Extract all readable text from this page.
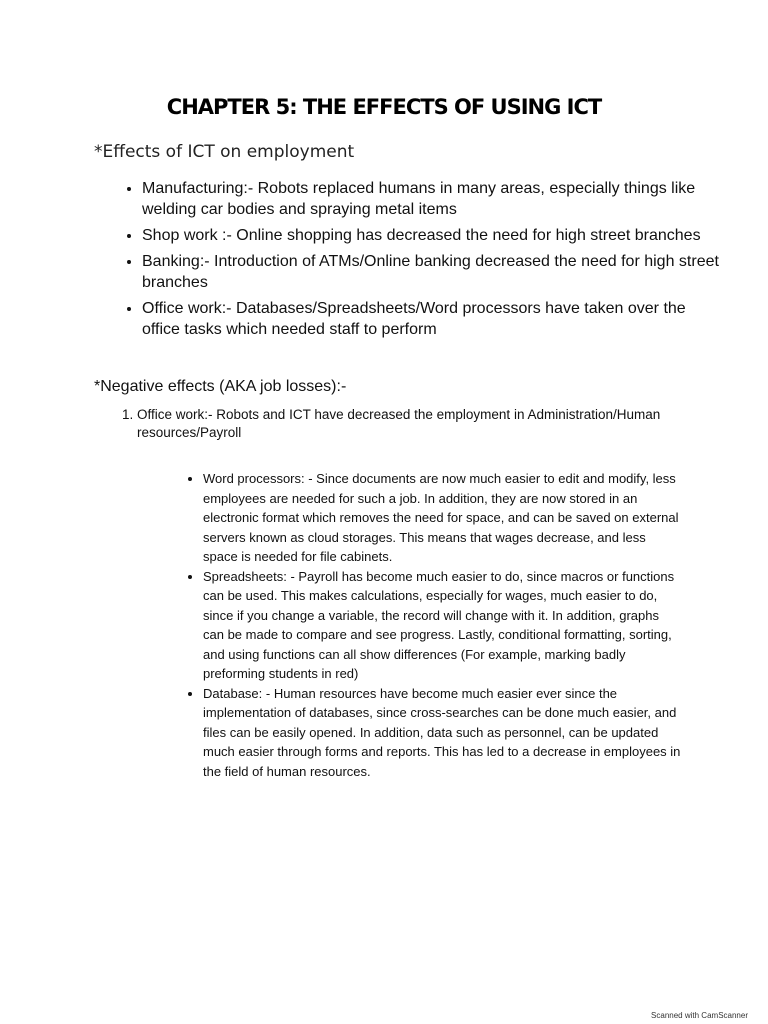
CHAPTER 5: THE EFFECTS OF USING ICT
*Effects of ICT on employment
• Manufacturing:- Robots replaced humans in many areas, especially things like welding car bodies and spraying metal items
• Shop work :- Online shopping has decreased the need for high street branches
• Banking:- Introduction of ATMs/Online banking decreased the need for high street branches
• Office work:- Databases/Spreadsheets/Word processors have taken over the office tasks which needed staff to perform
*Negative effects (AKA job losses):-
1. Office work:- Robots and ICT have decreased the employment in Administration/Human resources/Payroll
• Word processors: - Since documents are now much easier to edit and modify, less employees are needed for such a job. In addition, they are now stored in an electronic format which removes the need for space, and can be saved on external servers known as cloud storages. This means that wages decrease, and less space is needed for file cabinets.
• Spreadsheets: - Payroll has become much easier to do, since macros or functions can be used. This makes calculations, especially for wages, much easier to do, since if you change a variable, the record will change with it. In addition, graphs can be made to compare and see progress. Lastly, conditional formatting, sorting, and using functions can all show differences (For example, marking badly preforming students in red)
• Database: - Human resources have become much easier ever since the implementation of databases, since cross-searches can be done much easier, and files can be easily opened. In addition, data such as personnel, can be updated much easier through forms and reports. This has led to a decrease in employees in the field of human resources.
Scanned with CamScanner
